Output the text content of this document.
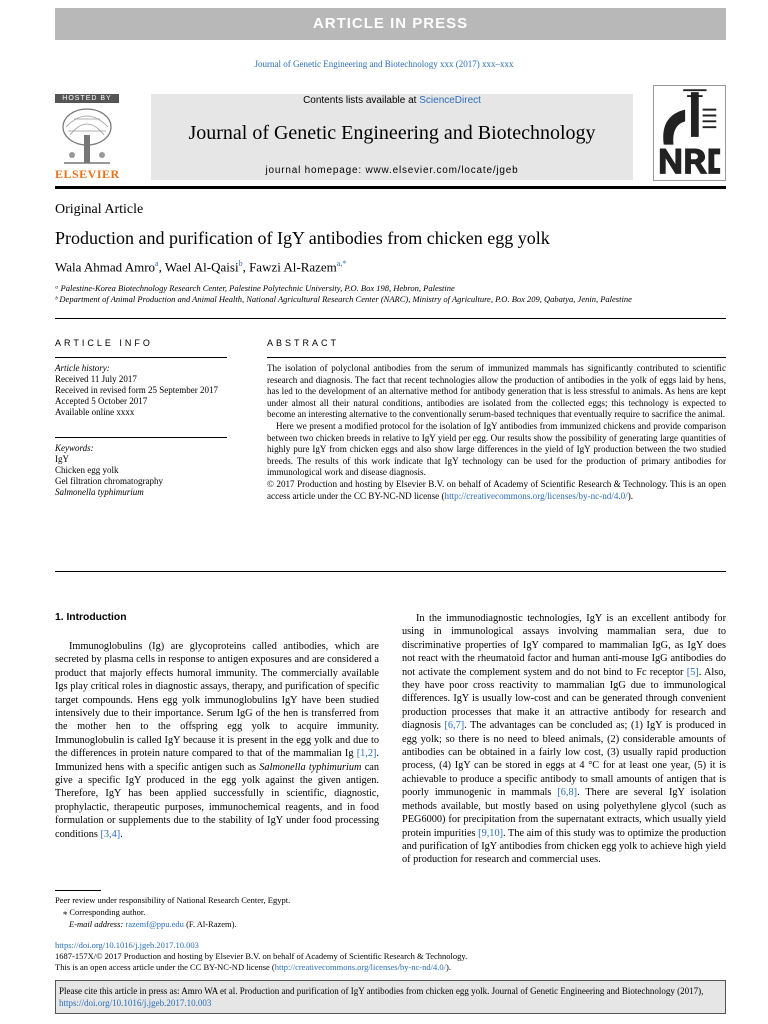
ARTICLE IN PRESS
Journal of Genetic Engineering and Biotechnology xxx (2017) xxx–xxx
HOSTED BY
ELSEVIER
Contents lists available at ScienceDirect
Journal of Genetic Engineering and Biotechnology
journal homepage: www.elsevier.com/locate/jgeb
Original Article
Production and purification of IgY antibodies from chicken egg yolk
Wala Ahmad Amro$^a$, Wael Al-Qaisi$^b$, Fawzi Al-Razem$^{a,*}$
ᵃ Palestine-Korea Biotechnology Research Center, Palestine Polytechnic University, P.O. Box 198, Hebron, Palestine
ᵇ Department of Animal Production and Animal Health, National Agricultural Research Center (NARC), Ministry of Agriculture, P.O. Box 209, Qabatya, Jenin, Palestine
ARTICLE INFO
Article history:
Received 11 July 2017
Received in revised form 25 September 2017
Accepted 5 October 2017
Available online xxxx
Keywords:
IgY
Chicken egg yolk
Gel filtration chromatography
Salmonella typhimurium
ABSTRACT

The isolation of polyclonal antibodies from the serum of immunized mammals has significantly contributed to scientific research and diagnosis. The fact that recent technologies allow the production of antibodies in the yolk of eggs laid by hens, has led to the development of an alternative method for antibody generation that is less stressful to animals. As hens are kept under almost all their natural conditions, antibodies are isolated from the collected eggs; this technology is expected to become an interesting alternative to the conventionally serum-based techniques that eventually require to sacrifice the animal.

Here we present a modified protocol for the isolation of IgY antibodies from immunized chickens and provide comparison between two chicken breeds in relative to IgY yield per egg. Our results show the possibility of generating large quantities of highly pure IgY from chicken eggs and also show large differences in the yield of IgY production between the two studied breeds. The results of this work indicate that IgY technology can be used for the production of primary antibodies for immunological work and disease diagnosis.

© 2017 Production and hosting by Elsevier B.V. on behalf of Academy of Scientific Research & Technology. This is an open access article under the CC BY-NC-ND license (http://creativecommons.org/licenses/by-nc-nd/4.0/).

1. Introduction

Immunoglobulins (Ig) are glycoproteins called antibodies, which are secreted by plasma cells in response to antigen exposures and are considered a product that majorly effects humoral immunity. The commercially available Igs play critical roles in diagnostic assays, therapy, and purification of specific target compounds. Hens egg yolk immunoglobulins IgY have been studied intensively due to their importance. Serum IgG of the hen is transferred from the mother hen to the offspring egg yolk to acquire immunity. Immunoglobulin is called IgY because it is present in the egg yolk and due to the differences in protein nature compared to that of the mammalian Ig [1,2]. Immunized hens with a specific antigen such as Salmonella typhimurium can give a specific IgY produced in the egg yolk against the given antigen. Therefore, IgY has been applied successfully in scientific, diagnostic, prophylactic, therapeutic purposes, immunochemical reagents, and in food formulation or supplements due to the stability of IgY under food processing conditions [3,4].

In the immunodiagnostic technologies, IgY is an excellent antibody for using in immunological assays involving mammalian sera, due to discriminative properties of IgY compared to mammalian IgG, as IgY does not react with the rheumatoid factor and human anti-mouse IgG antibodies do not activate the complement system and do not bind to Fc receptor [5]. Also, they have poor cross reactivity to mammalian IgG due to immunological differences. IgY is usually low-cost and can be generated through convenient production processes that make it an attractive antibody for research and diagnosis [6,7]. The advantages can be concluded as; (1) IgY is produced in egg yolk; so there is no need to bleed animals, (2) considerable amounts of antibodies can be obtained in a fairly low cost, (3) usually rapid production process, (4) IgY can be stored in eggs at 4 °C for at least one year, (5) it is achievable to produce a specific antibody to small amounts of antigen that is poorly immunogenic in mammals [6,8]. There are several IgY isolation methods available, but mostly based on using polyethylene glycol (such as PEG6000) for precipitation from the supernatant extracts, which usually yield protein impurities [9,10]. The aim of this study was to optimize the production and purification of IgY antibodies from chicken egg yolk to achieve high yield of production for research and commercial uses.

Peer review under responsibility of National Research Center, Egypt.
⁎ Corresponding author.
E-mail address: razemf@ppu.edu (F. Al-Razem).
https://doi.org/10.1016/j.jgeb.2017.10.003
1687-157X/© 2017 Production and hosting by Elsevier B.V. on behalf of Academy of Scientific Research & Technology.
This is an open access article under the CC BY-NC-ND license (http://creativecommons.org/licenses/by-nc-nd/4.0/).
Please cite this article in press as: Amro WA et al. Production and purification of IgY antibodies from chicken egg yolk. Journal of Genetic Engineering and Biotechnology (2017), https://doi.org/10.1016/j.jgeb.2017.10.003
